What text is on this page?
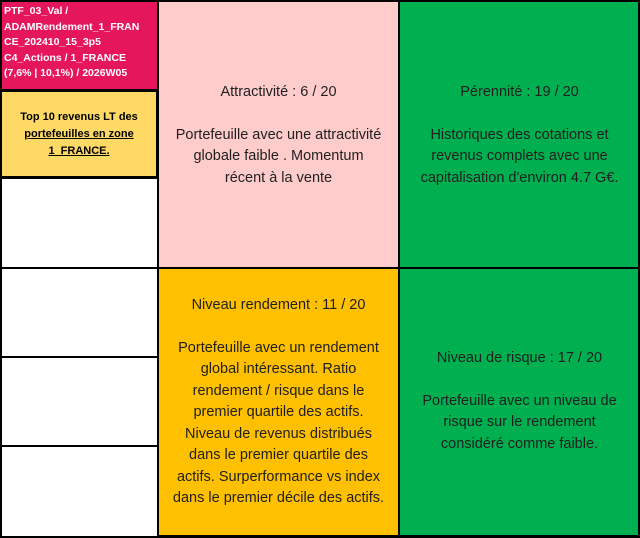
PTF_03_Val /
ADAMRendement_1_FRAN
CE_202410_15_3p5
C4_Actions / 1_FRANCE
(7,6% | 10,1%) / 2026W05
Top 10 revenus LT des
portefeuilles en zone
1_FRANCE.
Attractivité : 6 / 20
Portefeuille avec une attractivité
globale faible . Momentum
récent à la vente
Pérennité : 19 / 20
Historiques des cotations et
revenus complets avec une
capitalisation d'environ 4.7 G€.
Niveau rendement : 11 / 20
Portefeuille avec un rendement
global intéressant. Ratio
rendement / risque dans le
premier quartile des actifs.
Niveau de revenus distribués
dans le premier quartile des
actifs. Surperformance vs index
dans le premier décile des actifs.
Niveau de risque : 17 / 20
Portefeuille avec un niveau de
risque sur le rendement
considéré comme faible.
